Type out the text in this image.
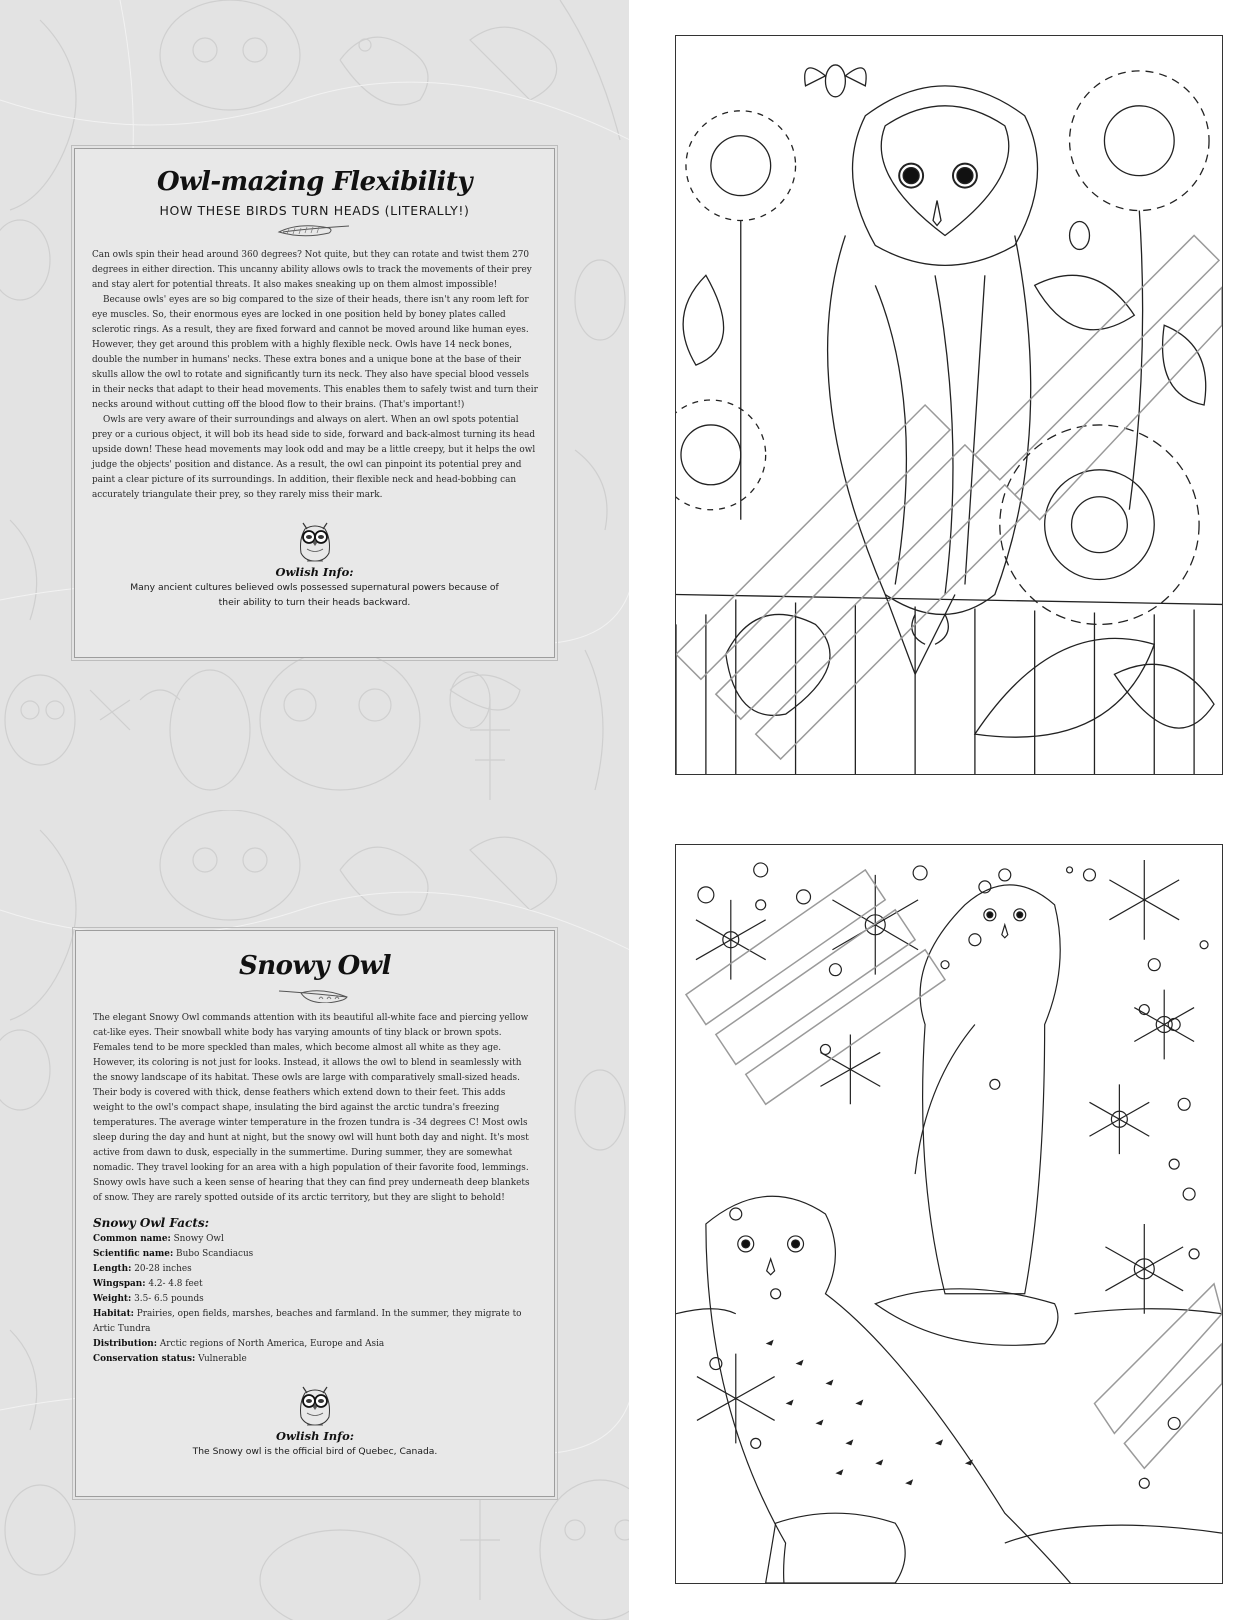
Owl-mazing Flexibility
HOW THESE BIRDS TURN HEADS (LITERALLY!)

Can owls spin their head around 360 degrees? Not quite, but they can rotate and twist them 270 degrees in either direction. This uncanny ability allows owls to track the movements of their prey and stay alert for potential threats. It also makes sneaking up on them almost impossible!

Because owls' eyes are so big compared to the size of their heads, there isn't any room left for eye muscles. So, their enormous eyes are locked in one position held by boney plates called sclerotic rings. As a result, they are fixed forward and cannot be moved around like human eyes. However, they get around this problem with a highly flexible neck. Owls have 14 neck bones, double the number in humans' necks. These extra bones and a unique bone at the base of their skulls allow the owl to rotate and significantly turn its neck. They also have special blood vessels in their necks that adapt to their head movements. This enables them to safely twist and turn their necks around without cutting off the blood flow to their brains. (That's important!)

Owls are very aware of their surroundings and always on alert. When an owl spots potential prey or a curious object, it will bob its head side to side, forward and back-almost turning its head upside down! These head movements may look odd and may be a little creepy, but it helps the owl judge the objects' position and distance. As a result, the owl can pinpoint its potential prey and paint a clear picture of its surroundings. In addition, their flexible neck and head-bobbing can accurately triangulate their prey, so they rarely miss their mark.

Owlish Info:
Many ancient cultures believed owls possessed supernatural powers because of their ability to turn their heads backward.
Snowy Owl

The elegant Snowy Owl commands attention with its beautiful all-white face and piercing yellow cat-like eyes. Their snowball white body has varying amounts of tiny black or brown spots. Females tend to be more speckled than males, which become almost all white as they age. However, its coloring is not just for looks. Instead, it allows the owl to blend in seamlessly with the snowy landscape of its habitat. These owls are large with comparatively small-sized heads. Their body is covered with thick, dense feathers which extend down to their feet. This adds weight to the owl's compact shape, insulating the bird against the arctic tundra's freezing temperatures. The average winter temperature in the frozen tundra is -34 degrees C! Most owls sleep during the day and hunt at night, but the snowy owl will hunt both day and night. It's most active from dawn to dusk, especially in the summertime. During summer, they are somewhat nomadic. They travel looking for an area with a high population of their favorite food, lemmings. Snowy owls have such a keen sense of hearing that they can find prey underneath deep blankets of snow. They are rarely spotted outside of its arctic territory, but they are slight to behold!

Snowy Owl Facts:
Common name: Snowy Owl
Scientific name: Bubo Scandiacus
Length: 20-28 inches
Wingspan: 4.2- 4.8 feet
Weight: 3.5- 6.5 pounds
Habitat: Prairies, open fields, marshes, beaches and farmland. In the summer, they migrate to Artic Tundra
Distribution: Arctic regions of North America, Europe and Asia
Conservation status: Vulnerable
Owlish Info:
The Snowy owl is the official bird of Quebec, Canada.
